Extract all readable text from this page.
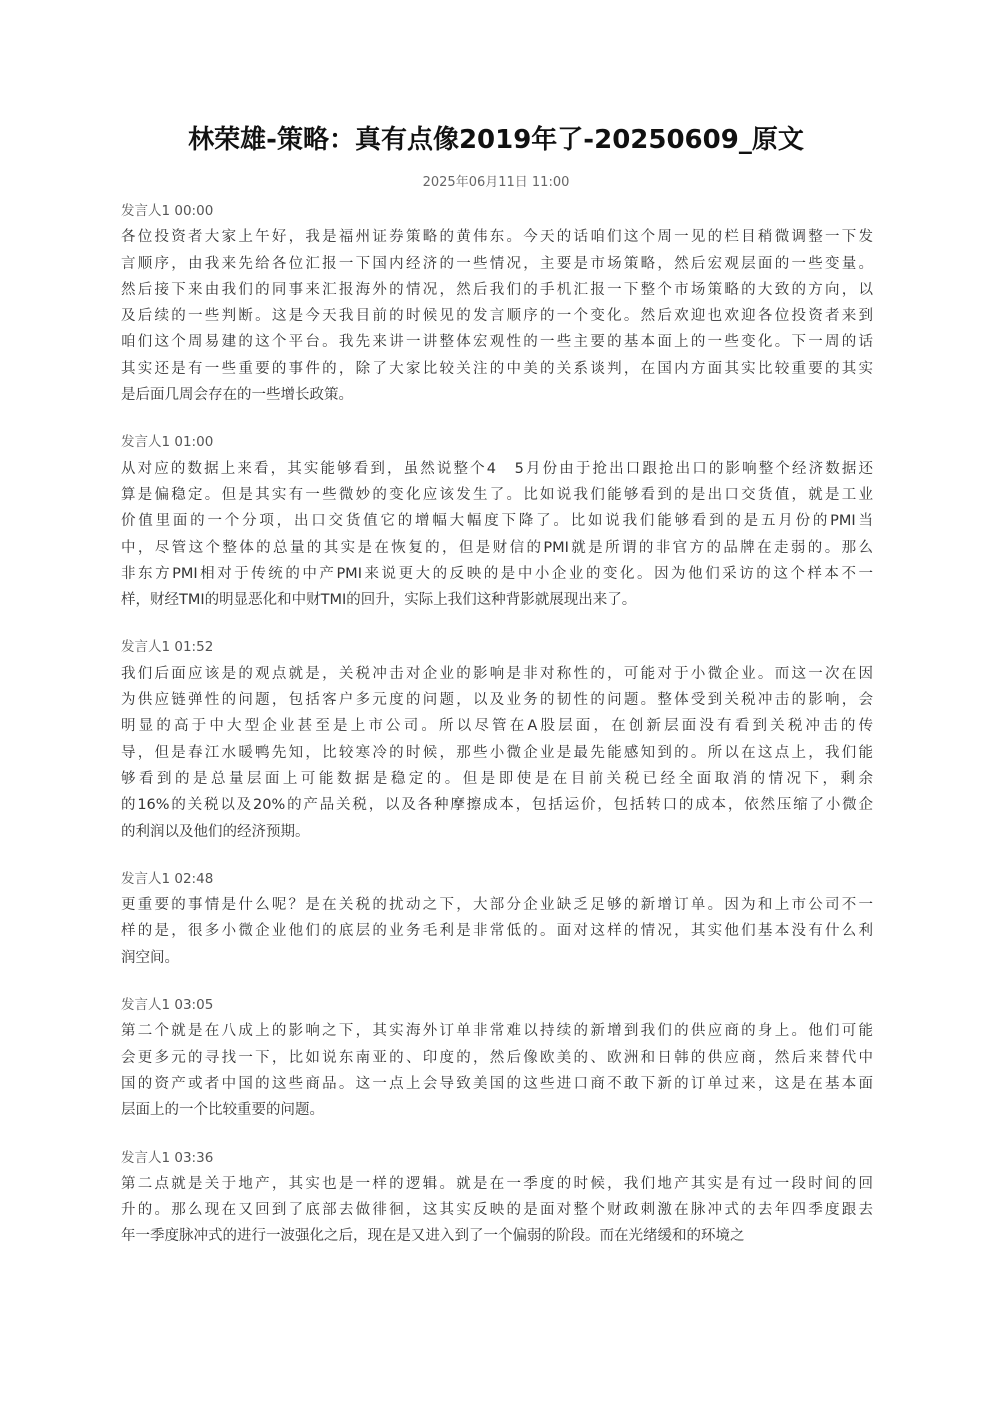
林荣雄-策略：真有点像2019年了-20250609_原文
2025年06月11日 11:00
发言人1 00:00
各位投资者大家上午好，我是福州证券策略的黄伟东。今天的话咱们这个周一见的栏目稍微调整一下发
言顺序，由我来先给各位汇报一下国内经济的一些情况，主要是市场策略，然后宏观层面的一些变量。
然后接下来由我们的同事来汇报海外的情况，然后我们的手机汇报一下整个市场策略的大致的方向，以
及后续的一些判断。这是今天我目前的时候见的发言顺序的一个变化。然后欢迎也欢迎各位投资者来到
咱们这个周易建的这个平台。我先来讲一讲整体宏观性的一些主要的基本面上的一些变化。下一周的话
其实还是有一些重要的事件的，除了大家比较关注的中美的关系谈判，在国内方面其实比较重要的其实
是后面几周会存在的一些增长政策。
发言人1 01:00
从对应的数据上来看，其实能够看到，虽然说整个4　5月份由于抢出口跟抢出口的影响整个经济数据还
算是偏稳定。但是其实有一些微妙的变化应该发生了。比如说我们能够看到的是出口交货值，就是工业
价值里面的一个分项，出口交货值它的增幅大幅度下降了。比如说我们能够看到的是五月份的PMI当
中，尽管这个整体的总量的其实是在恢复的，但是财信的PMI就是所谓的非官方的品牌在走弱的。那么
非东方PMI相对于传统的中产PMI来说更大的反映的是中小企业的变化。因为他们采访的这个样本不一
样，财经TMI的明显恶化和中财TMI的回升，实际上我们这种背影就展现出来了。
发言人1 01:52
我们后面应该是的观点就是，关税冲击对企业的影响是非对称性的，可能对于小微企业。而这一次在因
为供应链弹性的问题，包括客户多元度的问题，以及业务的韧性的问题。整体受到关税冲击的影响，会
明显的高于中大型企业甚至是上市公司。所以尽管在A股层面，在创新层面没有看到关税冲击的传
导，但是春江水暖鸭先知，比较寒冷的时候，那些小微企业是最先能感知到的。所以在这点上，我们能
够看到的是总量层面上可能数据是稳定的。但是即使是在目前关税已经全面取消的情况下，剩余
的16%的关税以及20%的产品关税，以及各种摩擦成本，包括运价，包括转口的成本，依然压缩了小微企
的利润以及他们的经济预期。
发言人1 02:48
更重要的事情是什么呢？是在关税的扰动之下，大部分企业缺乏足够的新增订单。因为和上市公司不一
样的是，很多小微企业他们的底层的业务毛利是非常低的。面对这样的情况，其实他们基本没有什么利
润空间。
发言人1 03:05
第二个就是在八成上的影响之下，其实海外订单非常难以持续的新增到我们的供应商的身上。他们可能
会更多元的寻找一下，比如说东南亚的、印度的，然后像欧美的、欧洲和日韩的供应商，然后来替代中
国的资产或者中国的这些商品。这一点上会导致美国的这些进口商不敢下新的订单过来，这是在基本面
层面上的一个比较重要的问题。
发言人1 03:36
第二点就是关于地产，其实也是一样的逻辑。就是在一季度的时候，我们地产其实是有过一段时间的回
升的。那么现在又回到了底部去做徘徊，这其实反映的是面对整个财政刺激在脉冲式的去年四季度跟去
年一季度脉冲式的进行一波强化之后，现在是又进入到了一个偏弱的阶段。而在光绪缓和的环境之
